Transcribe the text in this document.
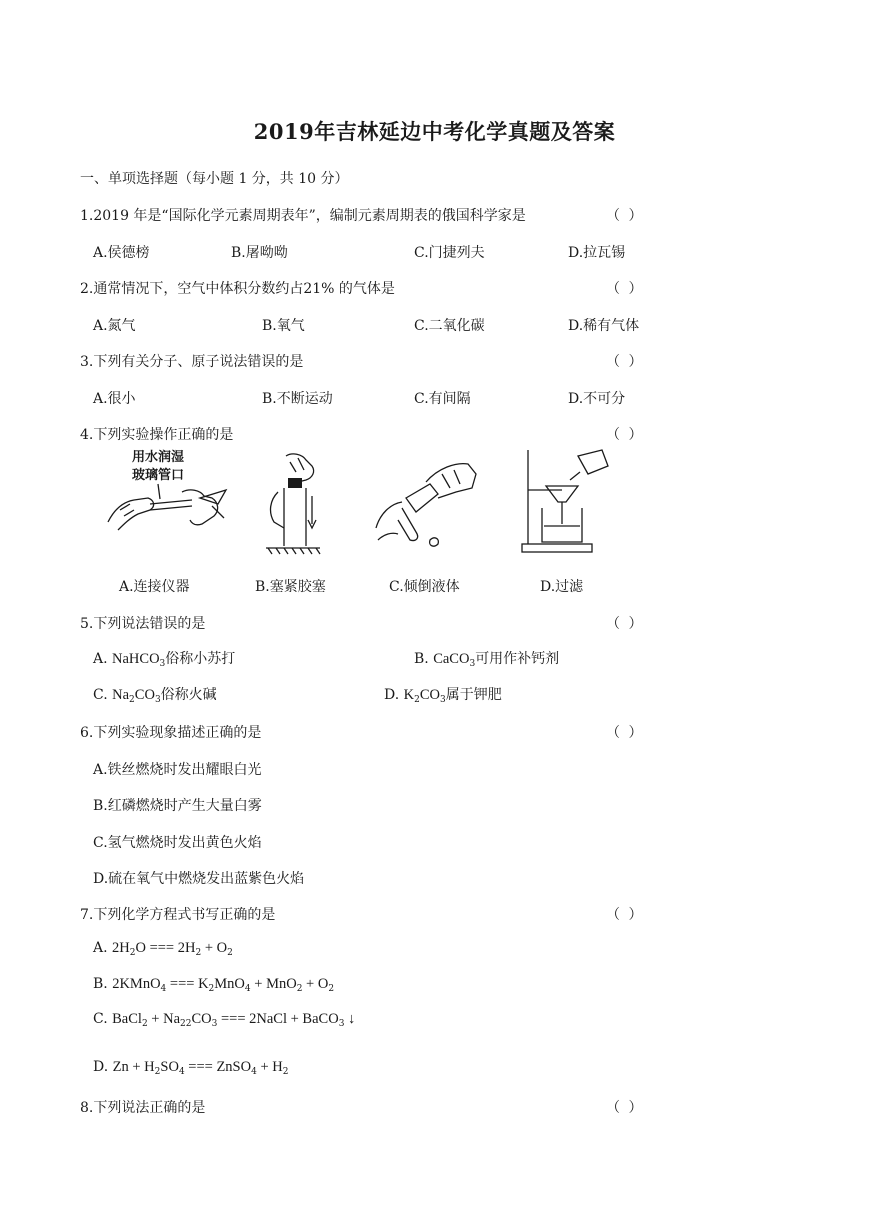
2019年吉林延边中考化学真题及答案
一、单项选择题（每小题 1 分，共 10 分）
1.2019 年是“国际化学元素周期表年”，编制元素周期表的俄国科学家是	（ ）
A.侯德榜	B.屠呦呦	C.门捷列夫	D.拉瓦锡
2.通常情况下，空气中体积分数约占21% 的气体是	（ ）
A.氮气	B.氧气	C.二氧化碳	D.稀有气体
3.下列有关分子、原子说法错误的是	（ ）
A.很小	B.不断运动	C.有间隔	D.不可分
4.下列实验操作正确的是	（ ）
用水润湿
玻璃管口
A.连接仪器	B.塞紧胶塞	C.倾倒液体	D.过滤
5.下列说法错误的是	（ ）
A. NaHCO$_3$俗称小苏打	B. CaCO$_3$可用作补钙剂
C. $Na_2CO_3$俗称火碱	D. $K_2CO_3$属于钾肥
6.下列实验现象描述正确的是	（ ）
A.铁丝燃烧时发出耀眼白光
B.红磷燃烧时产生大量白雾
C.氢气燃烧时发出黄色火焰
D.硫在氧气中燃烧发出蓝紫色火焰
7.下列化学方程式书写正确的是	（ ）
A. $2H_2O$ === $2H_2 + O_2$
B. 2KMnO$_4$ === $K_2MnO_4 + MnO_2 + O_2$
C. BaCl$_2$ + $Na_{22}CO_3$ === 2NaCl + BaCO$_3$ ↓
D. $Zn + H_2SO_4$ === ZnSO$_4$ + $H_2$
8.下列说法正确的是	（ ）
